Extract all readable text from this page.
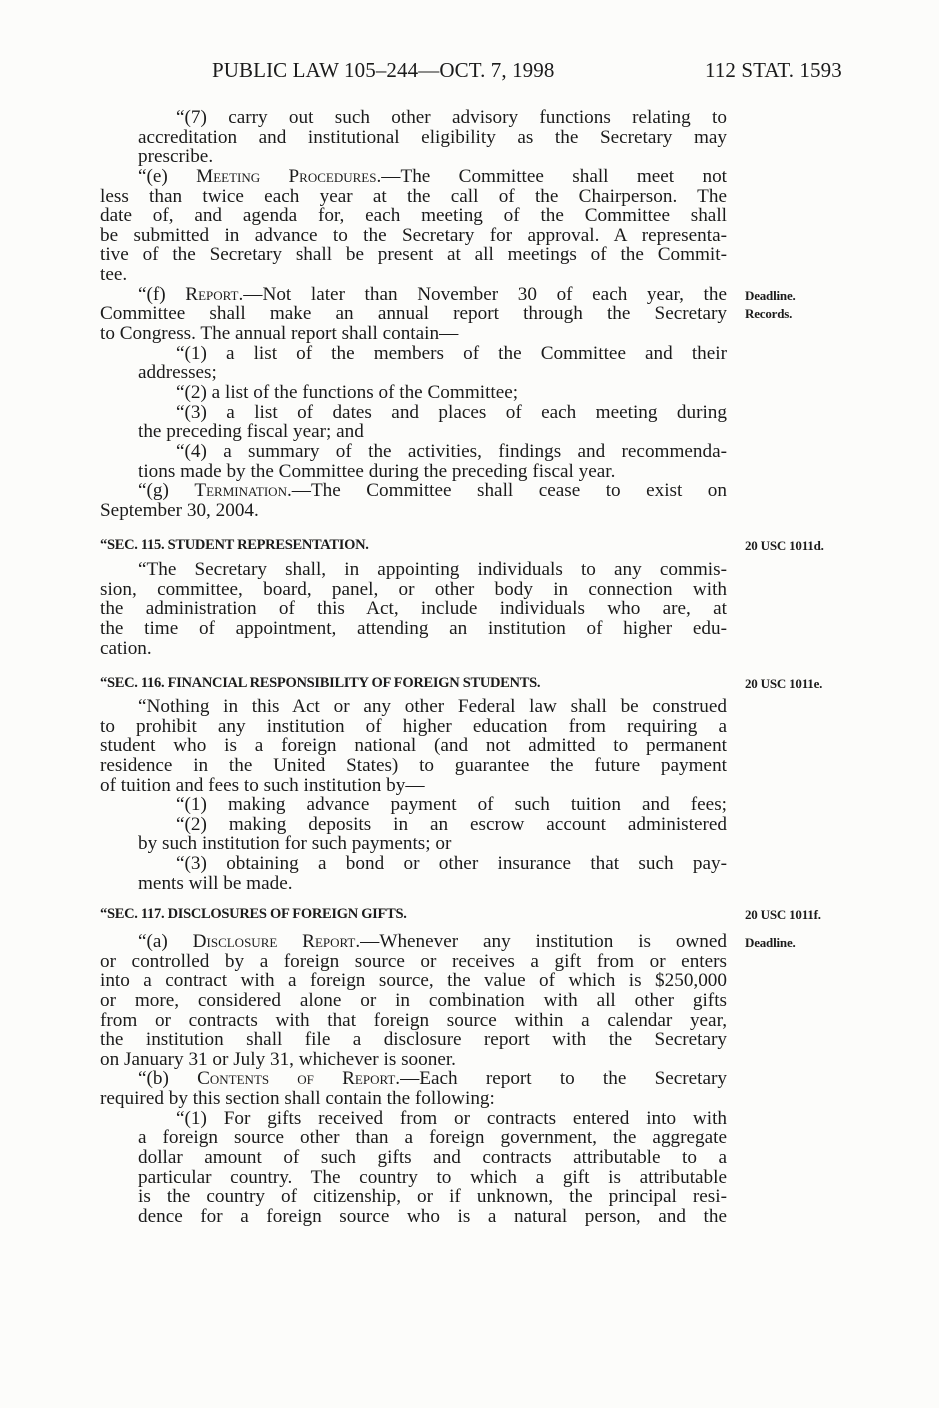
PUBLIC LAW 105–244—OCT. 7, 1998	112 STAT. 1593
“(7) carry out such other advisory functions relating to
accreditation and institutional eligibility as the Secretary may
prescribe.
“(e) Meeting Procedures.—The Committee shall meet not
less than twice each year at the call of the Chairperson. The
date of, and agenda for, each meeting of the Committee shall
be submitted in advance to the Secretary for approval. A representa-
tive of the Secretary shall be present at all meetings of the Commit-
tee.
“(f) Report.—Not later than November 30 of each year, the
Committee shall make an annual report through the Secretary
to Congress. The annual report shall contain—
“(1) a list of the members of the Committee and their
addresses;
“(2) a list of the functions of the Committee;
“(3) a list of dates and places of each meeting during
the preceding fiscal year; and
“(4) a summary of the activities, findings and recommenda-
tions made by the Committee during the preceding fiscal year.
“(g) Termination.—The Committee shall cease to exist on
September 30, 2004.
Deadline.
Records.
“SEC. 115. STUDENT REPRESENTATION.	20 USC 1011d.
“The Secretary shall, in appointing individuals to any commis-
sion, committee, board, panel, or other body in connection with
the administration of this Act, include individuals who are, at
the time of appointment, attending an institution of higher edu-
cation.
“SEC. 116. FINANCIAL RESPONSIBILITY OF FOREIGN STUDENTS.	20 USC 1011e.
“Nothing in this Act or any other Federal law shall be construed
to prohibit any institution of higher education from requiring a
student who is a foreign national (and not admitted to permanent
residence in the United States) to guarantee the future payment
of tuition and fees to such institution by—
“(1) making advance payment of such tuition and fees;
“(2) making deposits in an escrow account administered
by such institution for such payments; or
“(3) obtaining a bond or other insurance that such pay-
ments will be made.
“SEC. 117. DISCLOSURES OF FOREIGN GIFTS.	20 USC 1011f.
Deadline.
“(a) Disclosure Report.—Whenever any institution is owned
or controlled by a foreign source or receives a gift from or enters
into a contract with a foreign source, the value of which is $250,000
or more, considered alone or in combination with all other gifts
from or contracts with that foreign source within a calendar year,
the institution shall file a disclosure report with the Secretary
on January 31 or July 31, whichever is sooner.
“(b) Contents of Report.—Each report to the Secretary
required by this section shall contain the following:
“(1) For gifts received from or contracts entered into with
a foreign source other than a foreign government, the aggregate
dollar amount of such gifts and contracts attributable to a
particular country. The country to which a gift is attributable
is the country of citizenship, or if unknown, the principal resi-
dence for a foreign source who is a natural person, and the
